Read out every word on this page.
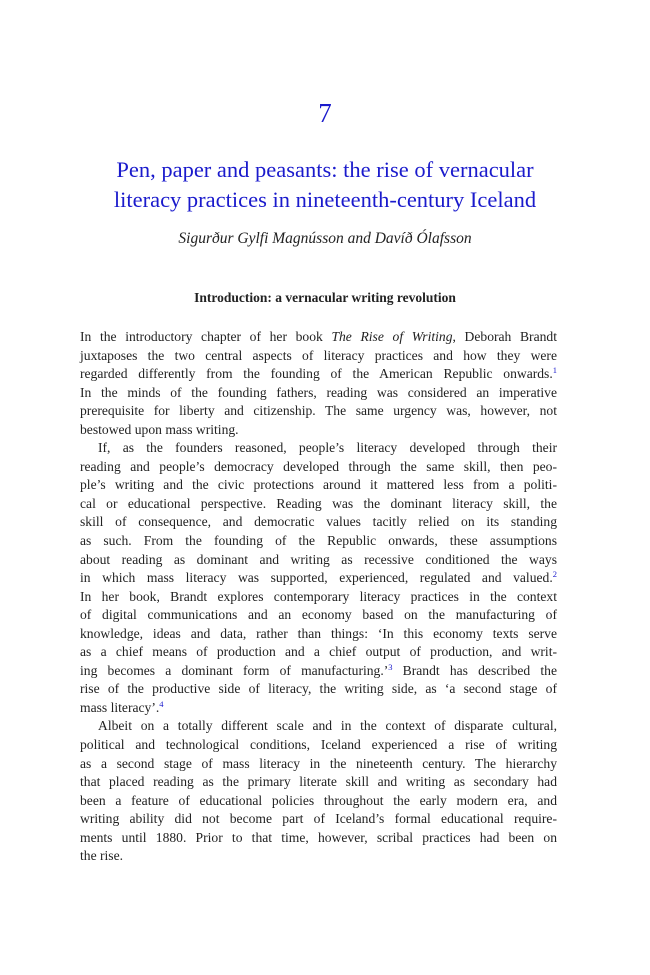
7
Pen, paper and peasants: the rise of vernacular
literacy practices in nineteenth-century Iceland
Sigurður Gylfi Magnússon and Davíð Ólafsson
Introduction: a vernacular writing revolution
In the introductory chapter of her book The Rise of Writing, Deborah Brandt
juxtaposes the two central aspects of literacy practices and how they were
regarded differently from the founding of the American Republic onwards.$^1$
In the minds of the founding fathers, reading was considered an imperative
prerequisite for liberty and citizenship. The same urgency was, however, not
bestowed upon mass writing.
If, as the founders reasoned, people’s literacy developed through their
reading and people’s democracy developed through the same skill, then peo-
ple’s writing and the civic protections around it mattered less from a politi-
cal or educational perspective. Reading was the dominant literacy skill, the
skill of consequence, and democratic values tacitly relied on its standing
as such. From the founding of the Republic onwards, these assumptions
about reading as dominant and writing as recessive conditioned the ways
in which mass literacy was supported, experienced, regulated and valued.$^2$
In her book, Brandt explores contemporary literacy practices in the context
of digital communications and an economy based on the manufacturing of
knowledge, ideas and data, rather than things: ‘In this economy texts serve
as a chief means of production and a chief output of production, and writ-
ing becomes a dominant form of manufacturing.’$^3$ Brandt has described the
rise of the productive side of literacy, the writing side, as ‘a second stage of
mass literacy’.$^4$
Albeit on a totally different scale and in the context of disparate cultural,
political and technological conditions, Iceland experienced a rise of writing
as a second stage of mass literacy in the nineteenth century. The hierarchy
that placed reading as the primary literate skill and writing as secondary had
been a feature of educational policies throughout the early modern era, and
writing ability did not become part of Iceland’s formal educational require-
ments until 1880. Prior to that time, however, scribal practices had been on
the rise.
